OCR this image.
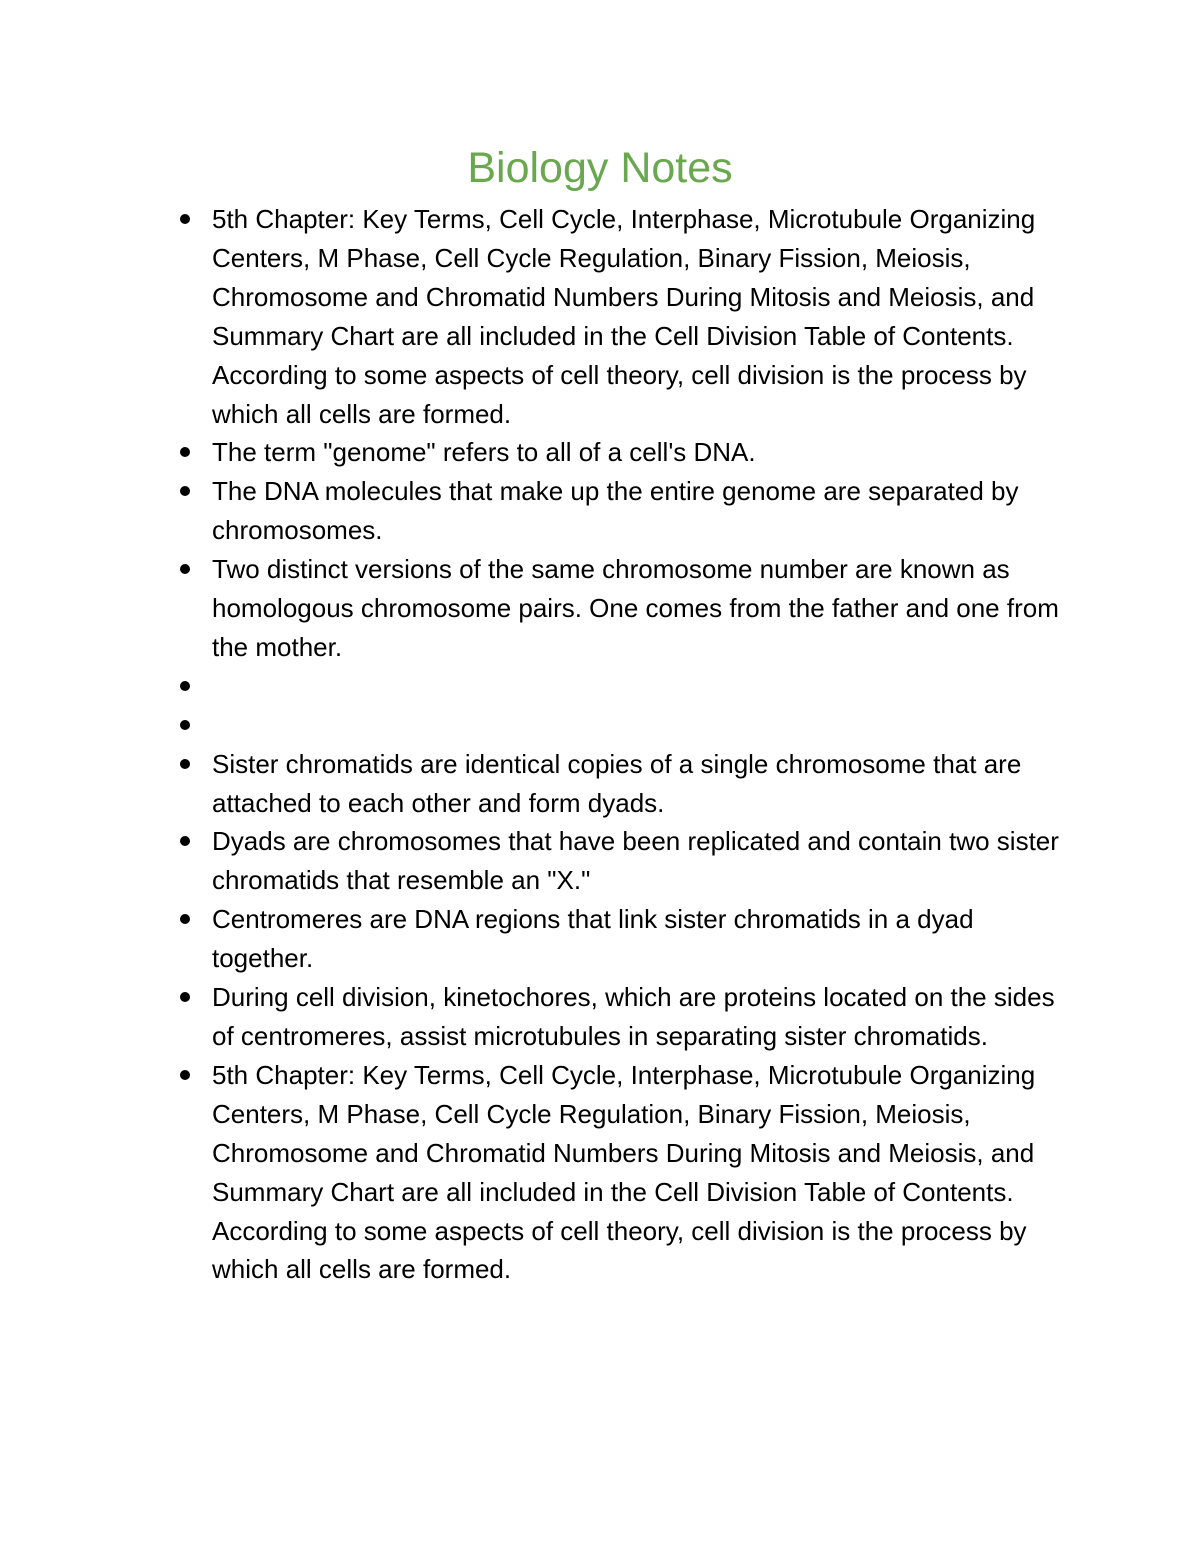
Biology Notes
5th Chapter: Key Terms, Cell Cycle, Interphase, Microtubule Organizing Centers, M Phase, Cell Cycle Regulation, Binary Fission, Meiosis, Chromosome and Chromatid Numbers During Mitosis and Meiosis, and Summary Chart are all included in the Cell Division Table of Contents. According to some aspects of cell theory, cell division is the process by which all cells are formed.
The term "genome" refers to all of a cell's DNA.
The DNA molecules that make up the entire genome are separated by chromosomes.
Two distinct versions of the same chromosome number are known as homologous chromosome pairs. One comes from the father and one from the mother.
Sister chromatids are identical copies of a single chromosome that are attached to each other and form dyads.
Dyads are chromosomes that have been replicated and contain two sister chromatids that resemble an "X."
Centromeres are DNA regions that link sister chromatids in a dyad together.
During cell division, kinetochores, which are proteins located on the sides of centromeres, assist microtubules in separating sister chromatids.
5th Chapter: Key Terms, Cell Cycle, Interphase, Microtubule Organizing Centers, M Phase, Cell Cycle Regulation, Binary Fission, Meiosis, Chromosome and Chromatid Numbers During Mitosis and Meiosis, and Summary Chart are all included in the Cell Division Table of Contents. According to some aspects of cell theory, cell division is the process by which all cells are formed.
